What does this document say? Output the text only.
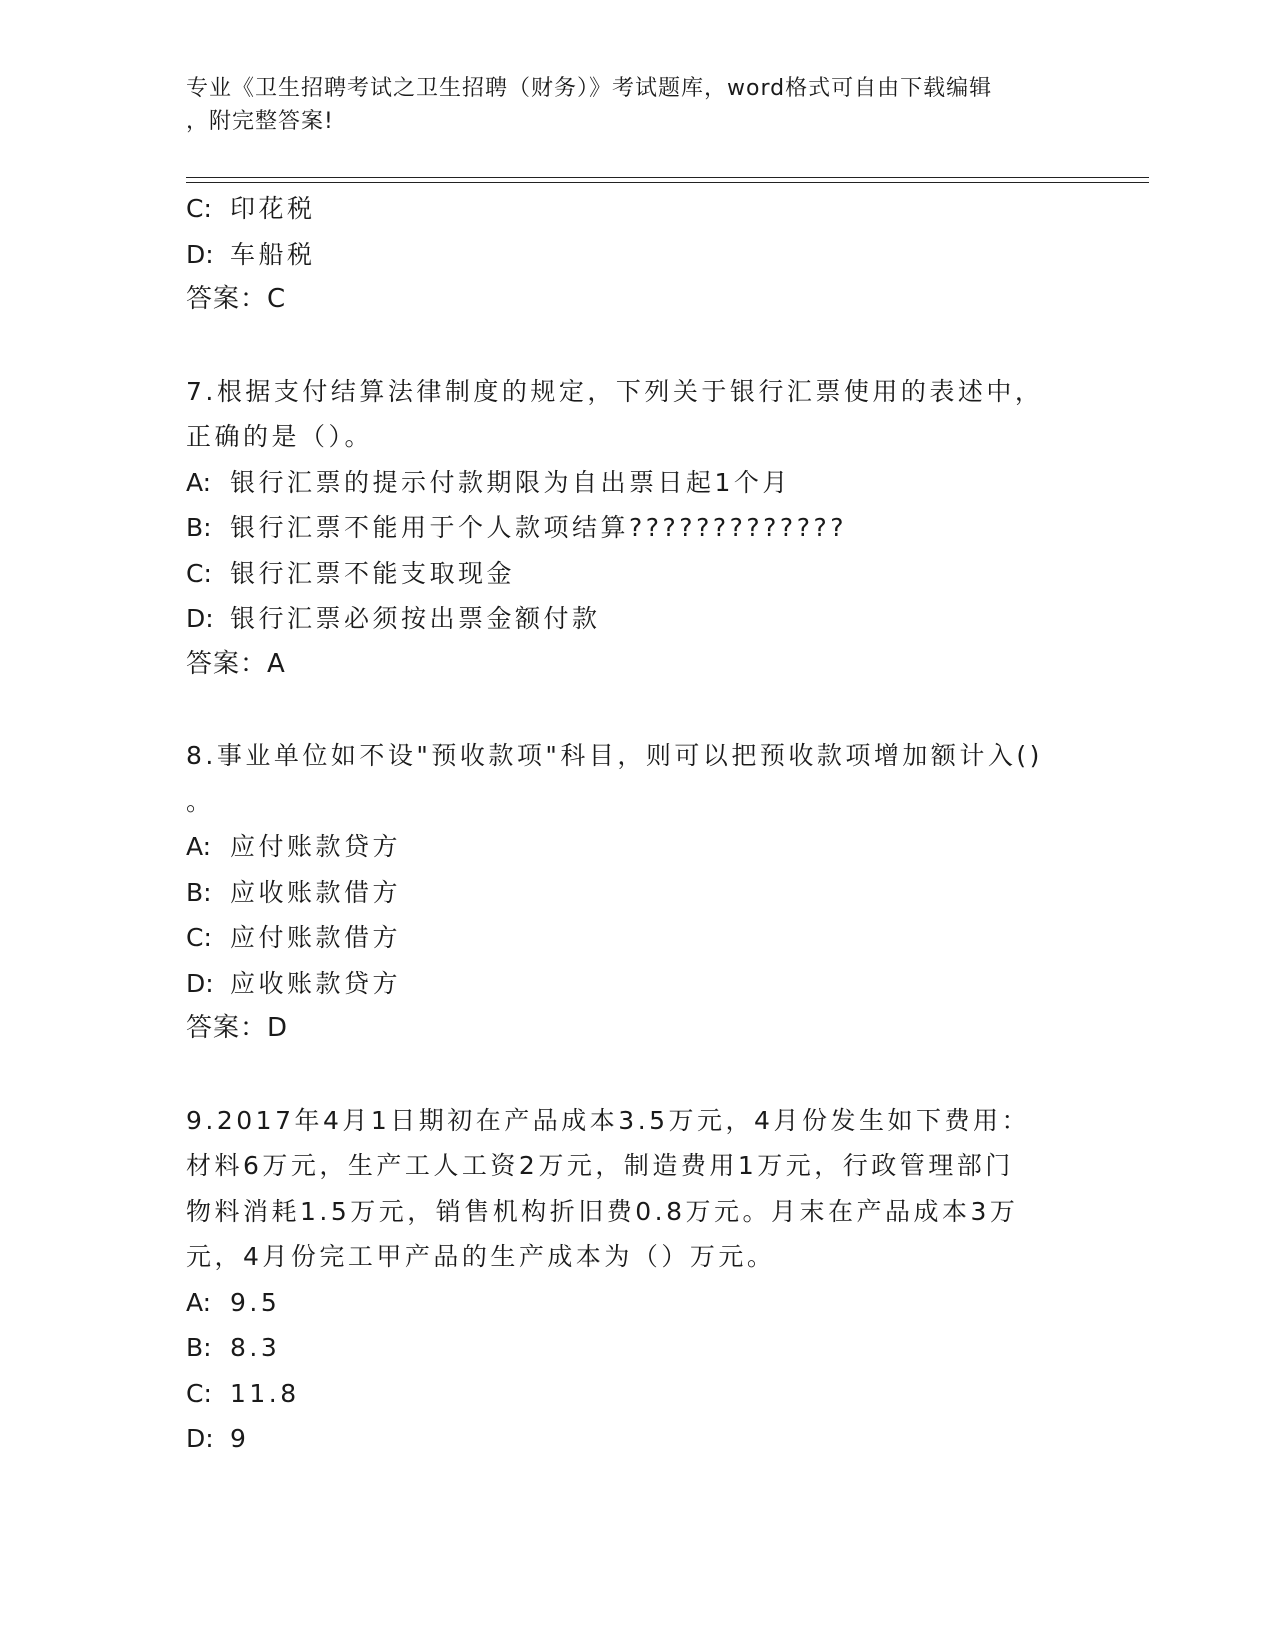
专业《卫生招聘考试之卫生招聘（财务）》考试题库，word格式可自由下载编辑
，附完整答案!
C: 印花税
D: 车船税
答案：C
7.根据支付结算法律制度的规定，下列关于银行汇票使用的表述中，
正确的是（）。
A: 银行汇票的提示付款期限为自出票日起1个月
B: 银行汇票不能用于个人款项结算?????????????
C: 银行汇票不能支取现金
D: 银行汇票必须按出票金额付款
答案：A
8.事业单位如不设"预收款项"科目，则可以把预收款项增加额计入()
。
A: 应付账款贷方
B: 应收账款借方
C: 应付账款借方
D: 应收账款贷方
答案：D
9.2017年4月1日期初在产品成本3.5万元，4月份发生如下费用：
材料6万元，生产工人工资2万元，制造费用1万元，行政管理部门
物料消耗1.5万元，销售机构折旧费0.8万元。月末在产品成本3万
元，4月份完工甲产品的生产成本为（）万元。
A: 9.5
B: 8.3
C: 11.8
D: 9
